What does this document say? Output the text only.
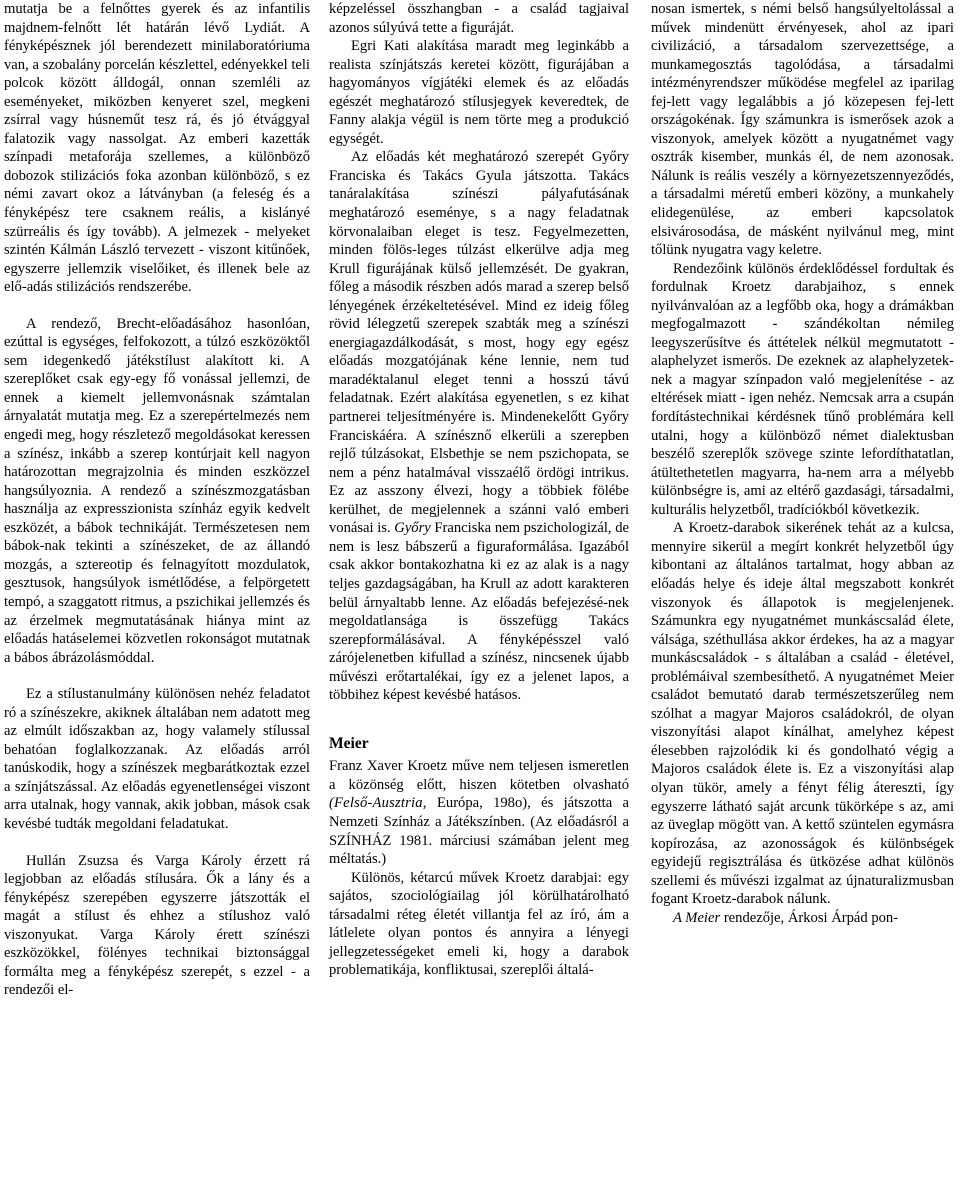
mutatja be a felnőttes gyerek és az infantilis majdnem-felnőtt lét határán lévő Lydiát. A fényképésznek jól berendezett minilaboratóriuma van, a szobalány porcelán készlettel, edényekkel teli polcok között álldogál, onnan szemléli az eseményeket, miközben kenyeret szel, megkeni zsírral vagy húsneműt tesz rá, és jó étvággyal falatozik vagy nassolgat. Az emberi kazetták színpadi metaforája szellemes, a különböző dobozok stilizációs foka azonban különböző, s ez némi zavart okoz a látványban (a feleség és a fényképész tere csaknem reális, a kislányé szürreális és így tovább). A jelmezek - melyeket szintén Kálmán László tervezett - viszont kitűnőek, egyszerre jellemzik viselőiket, és illenek bele az elő-adás stilizációs rendszerébe.

A rendező, Brecht-előadásához hasonlóan, ezúttal is egységes, felfokozott, a túlzó eszközöktől sem idegenkedő játékstílust alakított ki. A szereplőket csak egy-egy fő vonással jellemzi, de ennek a kiemelt jellemvonásnak számtalan árnyalatát mutatja meg. Ez a szerepértelmezés nem engedi meg, hogy részletező megoldásokat keressen a színész, inkább a szerep kontúrjait kell nagyon határozottan megrajzolnia és minden eszközzel hangsúlyoznia. A rendező a színészmozgatásban használja az expresszionista színház egyik kedvelt eszközét, a bábok technikáját. Természetesen nem bábok-nak tekinti a színészeket, de az állandó mozgás, a sztereotip és felnagyított mozdulatok, gesztusok, hangsúlyok ismétlődése, a felpörgetett tempó, a szaggatott ritmus, a pszichikai jellemzés és az érzelmek megmutatásának hiánya mint az előadás hatáselemei közvetlen rokonságot mutatnak a bábos ábrázolásmóddal.

Ez a stílustanulmány különösen nehéz feladatot ró a színészekre, akiknek általában nem adatott meg az elmúlt időszakban az, hogy valamely stílussal behatóan foglalkozzanak. Az előadás arról tanúskodik, hogy a színészek megbarátkoztak ezzel a színjátszással. Az előadás egyenetlenségei viszont arra utalnak, hogy vannak, akik jobban, mások csak kevésbé tudták megoldani feladatukat.

Hullán Zsuzsa és Varga Károly érzett rá legjobban az előadás stílusára. Ők a lány és a fényképész szerepében egyszerre játszották el magát a stílust és ehhez a stílushoz való viszonyukat. Varga Károly érett színészi eszközökkel, fölényes technikai biztonsággal formálta meg a fényképész szerepét, s ezzel - a rendezői el-

képzeléssel összhangban - a család tagjaival azonos súlyúvá tette a figuráját.

Egri Kati alakítása maradt meg leginkább a realista színjátszás keretei között, figurájában a hagyományos vígjátéki elemek és az előadás egészét meghatározó stílusjegyek keveredtek, de Fanny alakja végül is nem törte meg a produkció egységét.

Az előadás két meghatározó szerepét Győry Franciska és Takács Gyula játszotta. Takács tanáralakítása színészi pályafutásának meghatározó eseménye, s a nagy feladatnak körvonalaiban eleget is tesz. Fegyelmezetten, minden fölös-leges túlzást elkerülve adja meg Krull figurájának külső jellemzését. De gyakran, főleg a második részben adós marad a szerep belső lényegének érzékeltetésével. Mind ez ideig főleg rövid lélegzetű szerepek szabták meg a színészi energiagazdálkodását, s most, hogy egy egész előadás mozgatójának kéne lennie, nem tud maradéktalanul eleget tenni a hosszú távú feladatnak. Ezért alakítása egyenetlen, s ez kihat partnerei teljesítményére is. Mindenekelőtt Győry Franciskáéra. A színésznő elkerüli a szerepben rejlő túlzásokat, Elsbethje se nem pszichopata, se nem a pénz hatalmával visszaélő ördögi intrikus. Ez az asszony élvezi, hogy a többiek fölébe kerülhet, de megjelennek a szánni való emberi vonásai is. Győry Franciska nem pszichologizál, de nem is lesz bábszerű a figuraformálása. Igazából csak akkor bontakozhatna ki ez az alak is a nagy teljes gazdagságában, ha Krull az adott karakteren belül árnyaltabb lenne. Az előadás befejezésé-nek megoldatlansága is összefügg Takács szerepformálásával. A fényképésszel való zárójelenetben kifullad a színész, nincsenek újabb művészi erőtartalékai, így ez a jelenet lapos, a többihez képest kevésbé hatásos.

Meier

Franz Xaver Kroetz műve nem teljesen ismeretlen a közönség előtt, hiszen kötetben olvasható (Felső-Ausztria, Európa, 198o), és játszotta a Nemzeti Színház a Játékszínben. (Az előadásról a SZÍNHÁZ 1981. márciusi számában jelent meg méltatás.)

Különös, kétarcú művek Kroetz darabjai: egy sajátos, szociológiailag jól körülhatárolható társadalmi réteg életét villantja fel az író, ám a látlelete olyan pontos és annyira a lényegi jellegzetességeket emeli ki, hogy a darabok problematikája, konfliktusai, szereplői általá-

nosan ismertek, s némi belső hangsúlyeltolással a művek mindenütt érvényesek, ahol az ipari civilizáció, a társadalom szervezettsége, a munkamegosztás tagolódása, a társadalmi intézményrendszer működése megfelel az iparilag fej-lett vagy legalábbis a jó közepesen fej-lett országokénak. Így számunkra is ismerősek azok a viszonyok, amelyek között a nyugatnémet vagy osztrák kisember, munkás él, de nem azonosak. Nálunk is reális veszély a környezetszennyeződés, a társadalmi méretű emberi közöny, a munkahely elidegenülése, az emberi kapcsolatok elsivárosodása, de másként nyilvánul meg, mint tőlünk nyugatra vagy keletre.

Rendezőink különös érdeklődéssel fordultak és fordulnak Kroetz darabjaihoz, s ennek nyilvánvalóan az a legfőbb oka, hogy a drámákban megfogalmazott - szándékoltan némileg leegyszerűsítve és áttételek nélkül megmutatott - alaphelyzet ismerős. De ezeknek az alaphelyzetek-nek a magyar színpadon való megjelenítése - az eltérések miatt - igen nehéz. Nemcsak arra a csupán fordítástechnikai kérdésnek tűnő problémára kell utalni, hogy a különböző német dialektusban beszélő szereplők szövege szinte lefordíthatatlan, átültethetetlen magyarra, ha-nem arra a mélyebb különbségre is, ami az eltérő gazdasági, társadalmi, kulturális helyzetből, tradíciókból következik.

A Kroetz-darabok sikerének tehát az a kulcsa, mennyire sikerül a megírt konkrét helyzetből úgy kibontani az általános tartalmat, hogy abban az előadás helye és ideje által megszabott konkrét viszonyok és állapotok is megjelenjenek. Számunkra egy nyugatnémet munkáscsalád élete, válsága, széthullása akkor érdekes, ha az a magyar munkáscsaládok - s általában a család - életével, problémáival szembesíthető. A nyugatnémet Meier családot bemutató darab természetszerűleg nem szólhat a magyar Majoros családokról, de olyan viszonyítási alapot kínálhat, amelyhez képest élesebben rajzolódik ki és gondolható végig a Majoros családok élete is. Ez a viszonyítási alap olyan tükör, amely a fényt félig átereszti, így egyszerre látható saját arcunk tükörképe s az, ami az üveglap mögött van. A kettő szüntelen egymásra kopírozása, az azonosságok és különbségek egyidejű regisztrálása és ütközése adhat különös szellemi és művészi izgalmat az újnaturalizmusban fogant Kroetz-darabok nálunk.

A Meier rendezője, Árkosi Árpád pon-
